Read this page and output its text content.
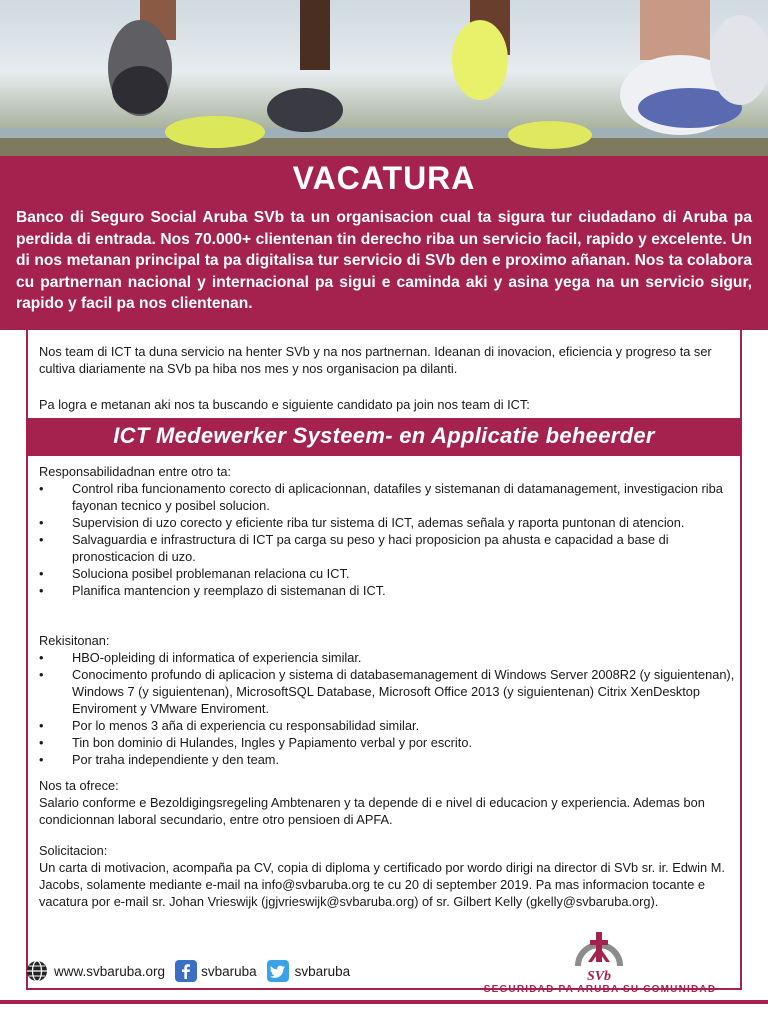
VACATURA
Banco di Seguro Social Aruba SVb ta un organisacion cual ta sigura tur ciudadano di Aruba pa perdida di entrada. Nos 70.000+ clientenan tin derecho riba un servicio facil, rapido y excelente. Un di nos metanan principal ta pa digitalisa tur servicio di SVb den e proximo añanan. Nos ta colabora cu partnernan nacional y internacional pa sigui e caminda aki y asina yega na un servicio sigur, rapido y facil pa nos clientenan.
Nos team di ICT ta duna servicio na henter SVb y na nos partnernan. Ideanan di inovacion, eficiencia y progreso ta ser cultiva diariamente na SVb pa hiba nos mes y nos organisacion pa dilanti.
Pa logra e metanan aki nos ta buscando e siguiente candidato pa join nos team di ICT:
ICT Medewerker Systeem- en Applicatie beheerder

Responsabilidadnan entre otro ta:

• Control riba funcionamento corecto di aplicacionnan, datafiles y sistemanan di datamanagement, investigacion riba fayonan tecnico y posibel solucion.
• Supervision di uzo corecto y eficiente riba tur sistema di ICT, ademas señala y raporta puntonan di atencion.
• Salvaguardia e infrastructura di ICT pa carga su peso y haci proposicion pa ahusta e capacidad a base di pronosticacion di uzo.
• Soluciona posibel problemanan relaciona cu ICT.
• Planifica mantencion y reemplazo di sistemanan di ICT.

Rekisitonan:

• HBO-opleiding di informatica of experiencia similar.
• Conocimento profundo di aplicacion y sistema di databasemanagement di Windows Server 2008R2 (y siguientenan), Windows 7 (y siguientenan), MicrosoftSQL Database, Microsoft Office 2013 (y siguientenan) Citrix XenDesktop Enviroment y VMware Enviroment.
• Por lo menos 3 aña di experiencia cu responsabilidad similar.
• Tin bon dominio di Hulandes, Ingles y Papiamento verbal y por escrito.
• Por traha independiente y den team.

Nos ta ofrece:

Salario conforme e Bezoldigingsregeling Ambtenaren y ta depende di e nivel di educacion y experiencia. Ademas bon condicionnan laboral secundario, entre otro pensioen di APFA.

Solicitacion:

Un carta di motivacion, acompaña pa CV, copia di diploma y certificado por wordo dirigi na director di SVb sr. ir. Edwin M. Jacobs, solamente mediante e-mail na info@svbaruba.org te cu 20 di september 2019. Pa mas informacion tocante e vacatura por e-mail sr. Johan Vrieswijk (jgjvrieswijk@svbaruba.org) of sr. Gilbert Kelly (gkelly@svbaruba.org).

www.svbaruba.org	svbaruba	svbaruba	SVb
SEGURIDAD PA ARUBA SU COMUNIDAD
